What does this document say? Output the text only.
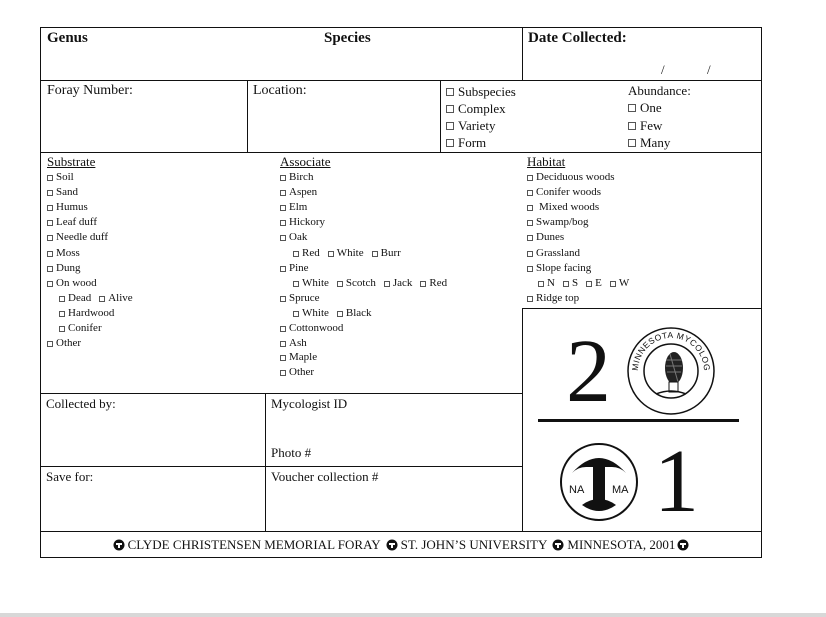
Genus	Species	Date Collected:
/	/
Foray Number:	Location:	Subspecies
Complex
Variety
Form
Abundance:
One
Few
Many
Substrate
Soil
Sand
Humus
Leaf duff
Needle duff
Moss
Dung
On wood
Dead Alive
Hardwood
Conifer
Other
Associate
Birch
Aspen
Elm
Hickory
Oak
Red White Burr
Pine
White Scotch Jack Red
Spruce
White Black
Cottonwood
Ash
Maple
Other
Habitat
Deciduous woods
Conifer woods
Mixed woods
Swamp/bog
Dunes
Grassland
Slope facing
N S E W
Ridge top
Collected by:	Mycologist ID
Photo #
Save for:	Voucher collection #
2
1
MINNESOTA MYCOLOG
NA	MA
CLYDE CHRISTENSEN MEMORIAL FORAY ST. JOHN’S UNIVERSITY MINNESOTA, 2001
